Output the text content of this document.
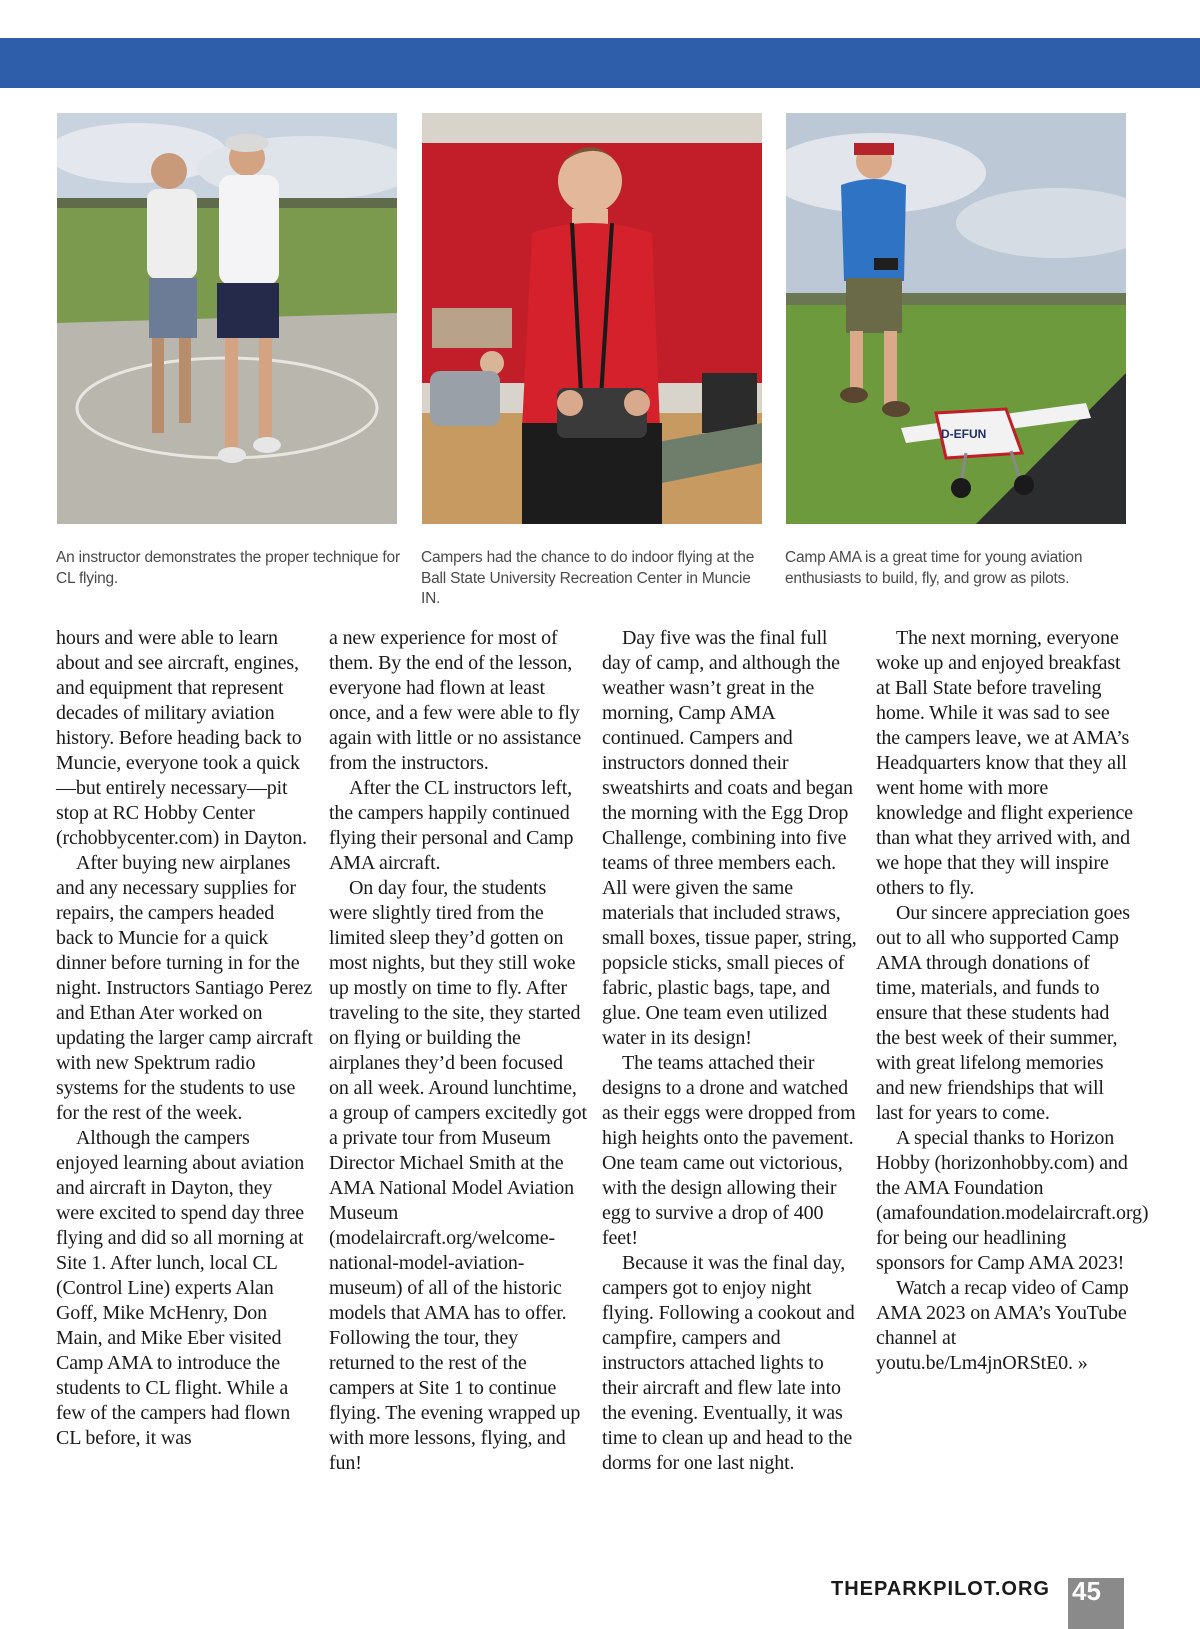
D-EFUN
An instructor demonstrates the proper technique for CL flying.
Campers had the chance to do indoor flying at the Ball State University Recreation Center in Muncie IN.
Camp AMA is a great time for young aviation enthusiasts to build, fly, and grow as pilots.

hours and were able to learn about and see aircraft, engines, and equipment that represent decades of military aviation history. Before heading back to Muncie, everyone took a quick—but entirely necessary—pit stop at RC Hobby Center (rchobbycenter.com) in Dayton.

After buying new airplanes and any necessary supplies for repairs, the campers headed back to Muncie for a quick dinner before turning in for the night. Instructors Santiago Perez and Ethan Ater worked on updating the larger camp aircraft with new Spektrum radio systems for the students to use for the rest of the week.

Although the campers enjoyed learning about aviation and aircraft in Dayton, they were excited to spend day three flying and did so all morning at Site 1. After lunch, local CL (Control Line) experts Alan Goff, Mike McHenry, Don Main, and Mike Eber visited Camp AMA to introduce the students to CL flight. While a few of the campers had flown CL before, it was

a new experience for most of them. By the end of the lesson, everyone had flown at least once, and a few were able to fly again with little or no assistance from the instructors.

After the CL instructors left, the campers happily continued flying their personal and Camp AMA aircraft.

On day four, the students were slightly tired from the limited sleep they’d gotten on most nights, but they still woke up mostly on time to fly. After traveling to the site, they started on flying or building the airplanes they’d been focused on all week. Around lunchtime, a group of campers excitedly got a private tour from Museum Director Michael Smith at the AMA National Model Aviation Museum (modelaircraft.org/welcome-national-model-aviation-museum) of all of the historic models that AMA has to offer. Following the tour, they returned to the rest of the campers at Site 1 to continue flying. The evening wrapped up with more lessons, flying, and fun!

Day five was the final full day of camp, and although the weather wasn’t great in the morning, Camp AMA continued. Campers and instructors donned their sweatshirts and coats and began the morning with the Egg Drop Challenge, combining into five teams of three members each. All were given the same materials that included straws, small boxes, tissue paper, string, popsicle sticks, small pieces of fabric, plastic bags, tape, and glue. One team even utilized water in its design!

The teams attached their designs to a drone and watched as their eggs were dropped from high heights onto the pavement. One team came out victorious, with the design allowing their egg to survive a drop of 400 feet!

Because it was the final day, campers got to enjoy night flying. Following a cookout and campfire, campers and instructors attached lights to their aircraft and flew late into the evening. Eventually, it was time to clean up and head to the dorms for one last night.

The next morning, everyone woke up and enjoyed breakfast at Ball State before traveling home. While it was sad to see the campers leave, we at AMA’s Headquarters know that they all went home with more knowledge and flight experience than what they arrived with, and we hope that they will inspire others to fly.

Our sincere appreciation goes out to all who supported Camp AMA through donations of time, materials, and funds to ensure that these students had the best week of their summer, with great lifelong memories and new friendships that will last for years to come.

A special thanks to Horizon Hobby (horizonhobby.com) and the AMA Foundation (amafoundation.modelaircraft.org) for being our headlining sponsors for Camp AMA 2023!

Watch a recap video of Camp AMA 2023 on AMA’s YouTube channel at youtu.be/Lm4jnORStE0. »

THEPARKPILOT.ORG 45
